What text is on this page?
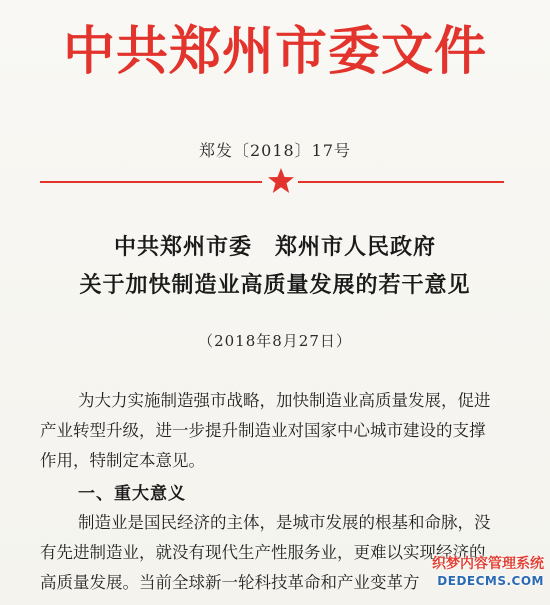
中共郑州市委文件
郑发〔2018〕17号
中共郑州市委　郑州市人民政府
关于加快制造业高质量发展的若干意见
（2018年8月27日）
为大力实施制造强市战略，加快制造业高质量发展，促进
产业转型升级，进一步提升制造业对国家中心城市建设的支撑
作用，特制定本意见。
一、重大意义
制造业是国民经济的主体，是城市发展的根基和命脉，没
有先进制造业，就没有现代生产性服务业，更难以实现经济的
高质量发展。当前全球新一轮科技革命和产业变革方
织梦内容管理系统
DEDECMS.COM
